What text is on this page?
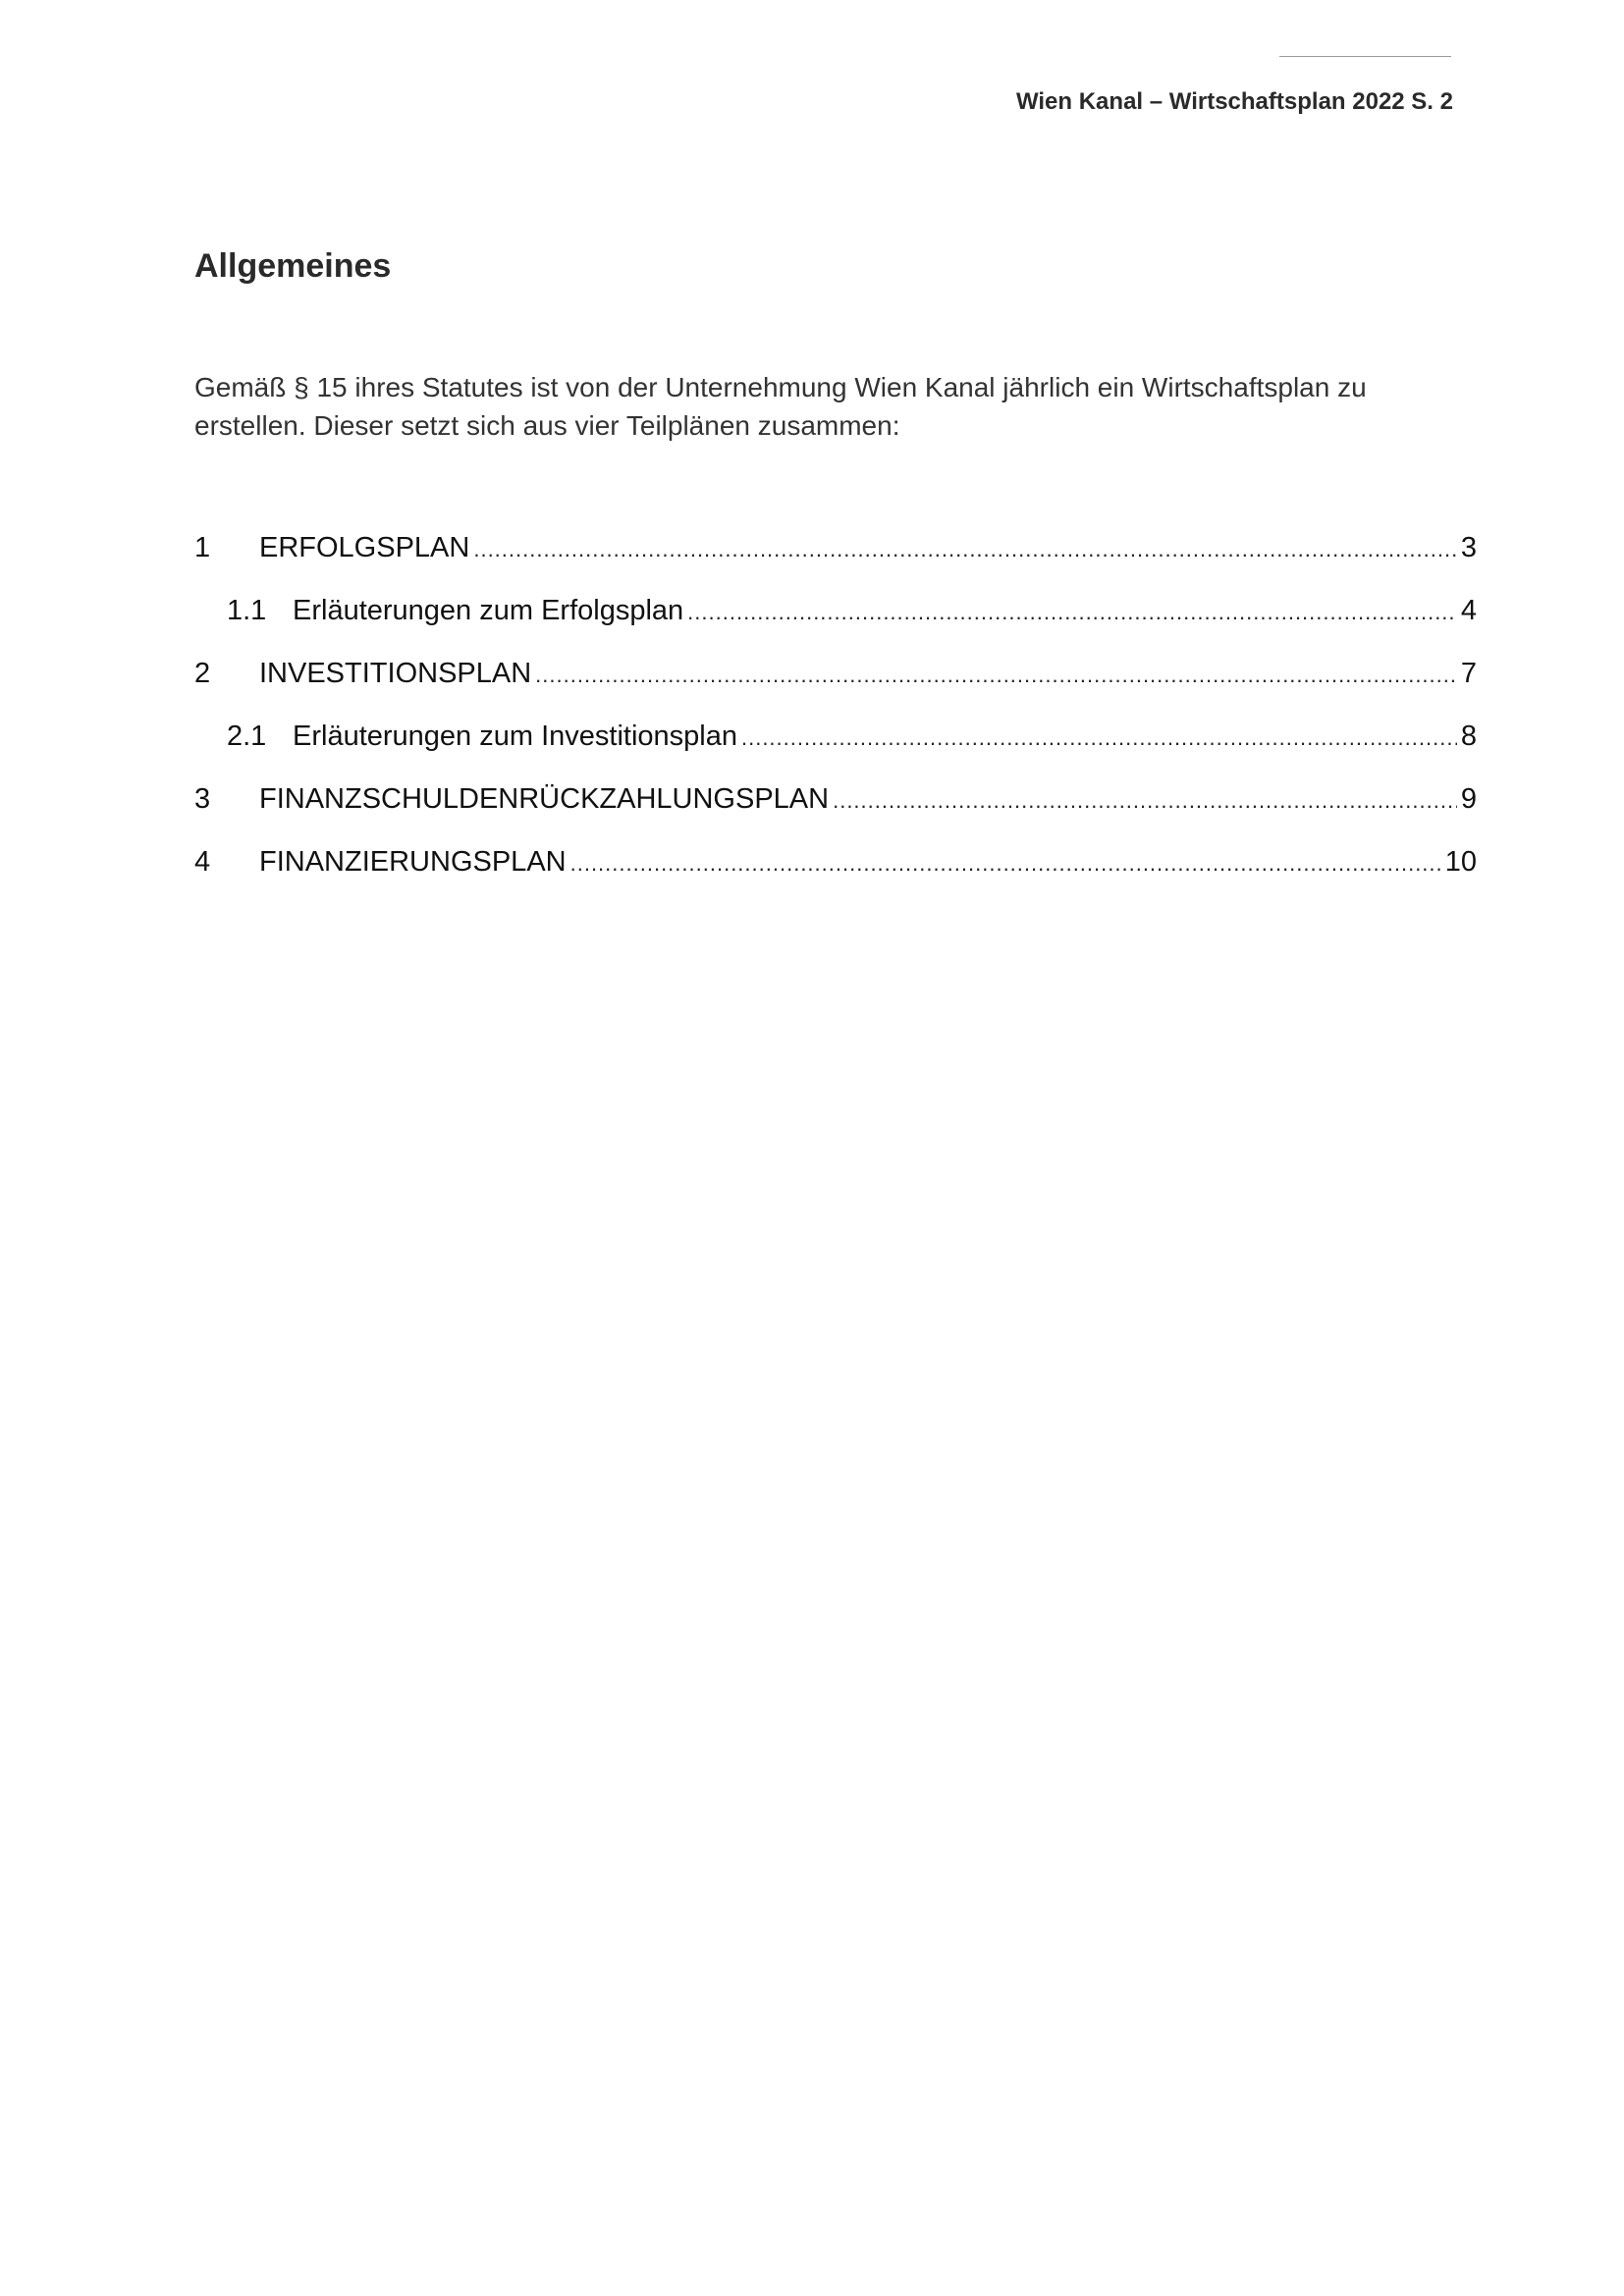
Wien Kanal – Wirtschaftsplan 2022 S. 2
Allgemeines

Gemäß § 15 ihres Statutes ist von der Unternehmung Wien Kanal jährlich ein Wirtschaftsplan zu erstellen. Dieser setzt sich aus vier Teilplänen zusammen:

1	ERFOLGSPLAN .....	3
1.1 Erläuterungen zum Erfolgsplan .....	4
2	INVESTITIONSPLAN .....	7
2.1 Erläuterungen zum Investitionsplan .....	8
3	FINANZSCHULDENRÜCKZAHLUNGSPLAN .....	9
4	FINANZIERUNGSPLAN .....	10
